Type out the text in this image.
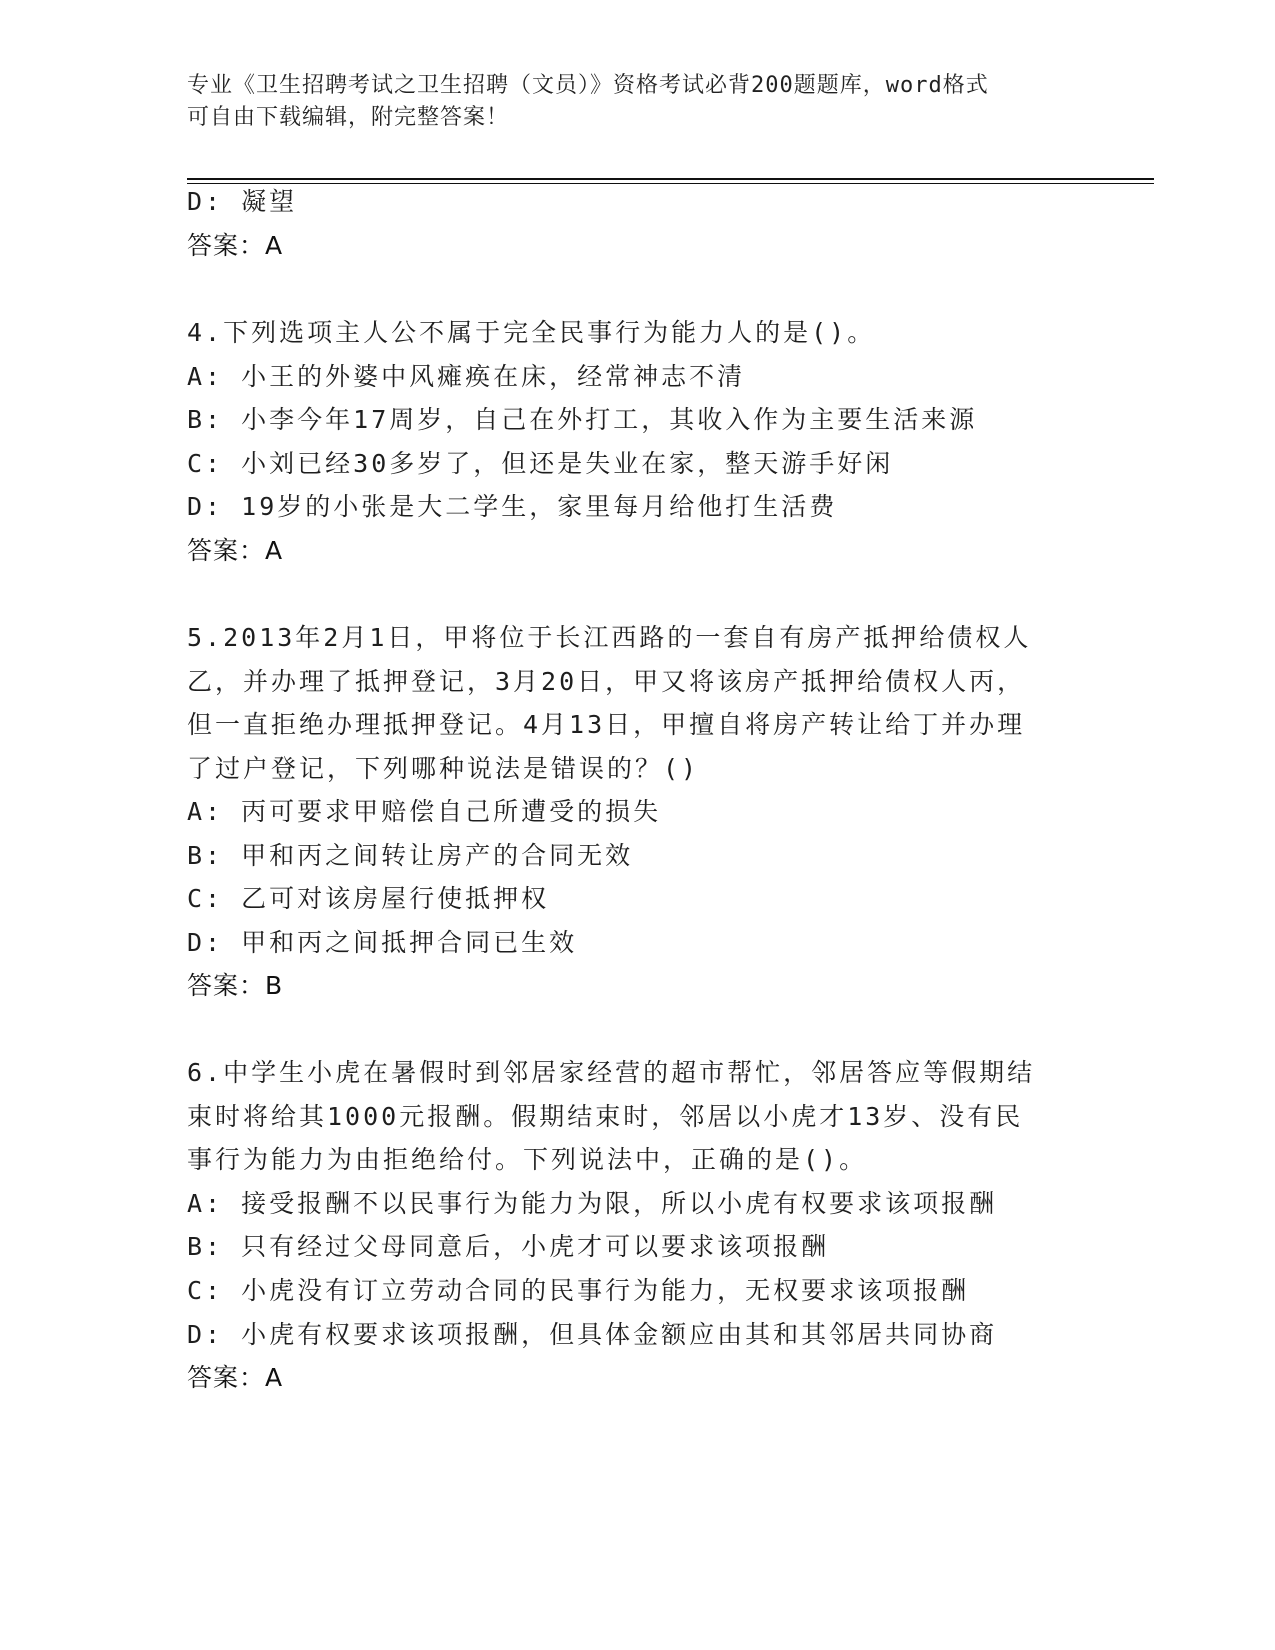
专业《卫生招聘考试之卫生招聘（文员）》资格考试必背200题题库，word格式
可自由下载编辑，附完整答案！
D: 凝望
答案：A
4.下列选项主人公不属于完全民事行为能力人的是()。
A: 小王的外婆中风瘫痪在床，经常神志不清
B: 小李今年17周岁，自己在外打工，其收入作为主要生活来源
C: 小刘已经30多岁了，但还是失业在家，整天游手好闲
D: 19岁的小张是大二学生，家里每月给他打生活费
答案：A
5.2013年2月1日，甲将位于长江西路的一套自有房产抵押给债权人
乙，并办理了抵押登记，3月20日，甲又将该房产抵押给债权人丙，
但一直拒绝办理抵押登记。4月13日，甲擅自将房产转让给丁并办理
了过户登记，下列哪种说法是错误的？()
A: 丙可要求甲赔偿自己所遭受的损失
B: 甲和丙之间转让房产的合同无效
C: 乙可对该房屋行使抵押权
D: 甲和丙之间抵押合同已生效
答案：B
6.中学生小虎在暑假时到邻居家经营的超市帮忙，邻居答应等假期结
束时将给其1000元报酬。假期结束时，邻居以小虎才13岁、没有民
事行为能力为由拒绝给付。下列说法中，正确的是()。
A: 接受报酬不以民事行为能力为限，所以小虎有权要求该项报酬
B: 只有经过父母同意后，小虎才可以要求该项报酬
C: 小虎没有订立劳动合同的民事行为能力，无权要求该项报酬
D: 小虎有权要求该项报酬，但具体金额应由其和其邻居共同协商
答案：A
